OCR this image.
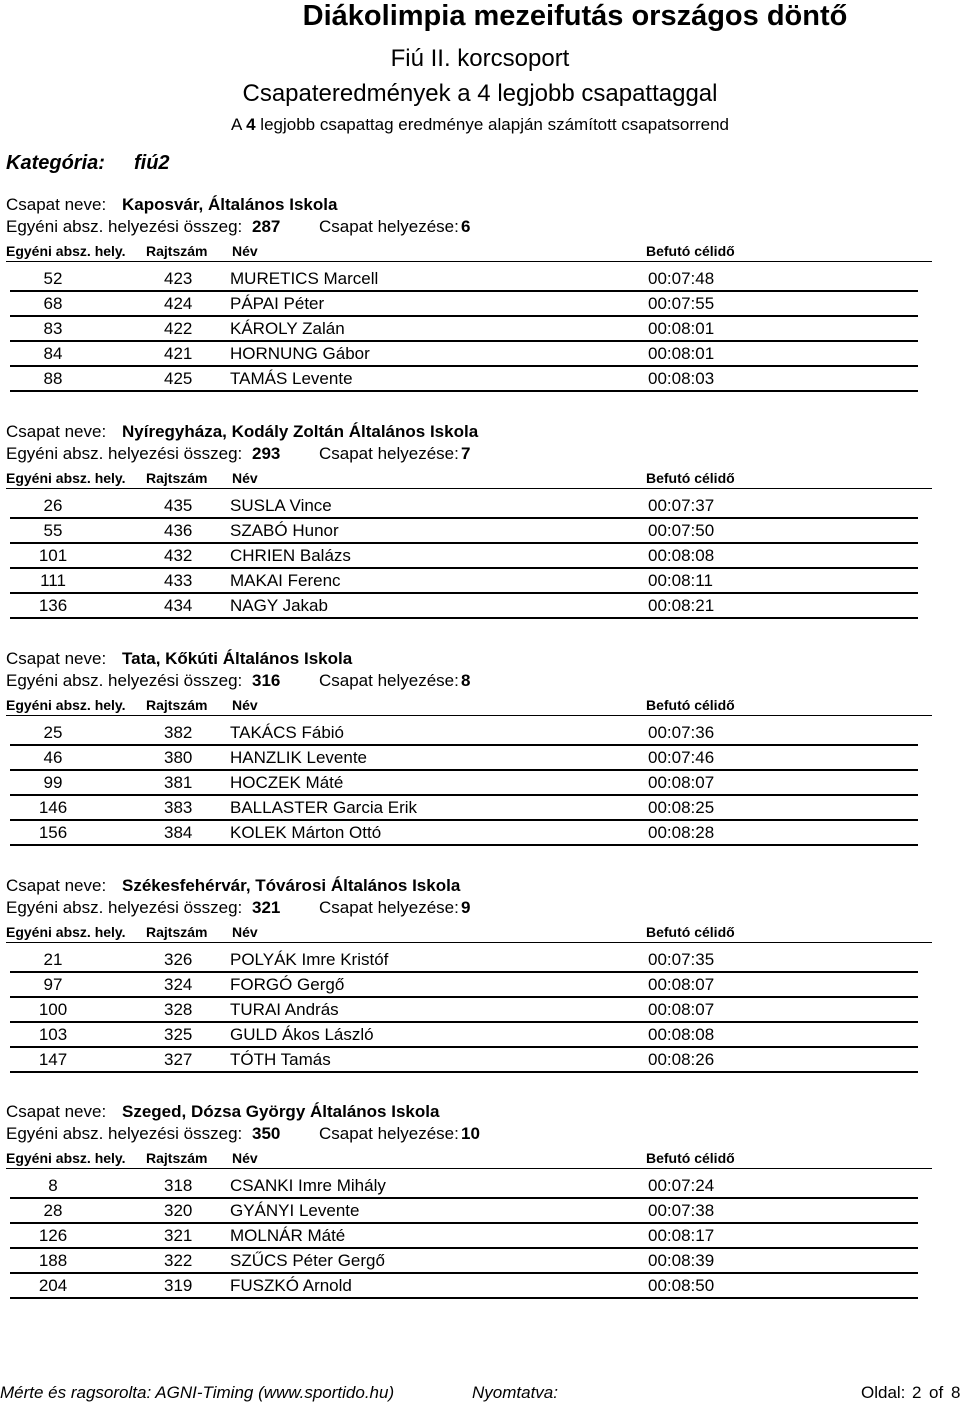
Diákolimpia mezeifutás országos döntő
Fiú II. korcsoport
Csapateredmények a 4 legjobb csapattaggal
A 4 legjobb csapattag eredménye alapján számított csapatsorrend
Kategória: fiú2
Csapat neve: Kaposvár, Általános Iskola
Egyéni absz. helyezési összeg: 287 Csapat helyezése: 6
Egyéni absz. hely. Rajtszám Név	Befutó célidő
52	423 MURETICS Marcell	00:07:48
68	424 PÁPAI Péter	00:07:55
83	422 KÁROLY Zalán	00:08:01
84	421 HORNUNG Gábor	00:08:01
88	425 TAMÁS Levente	00:08:03
Csapat neve: Nyíregyháza, Kodály Zoltán Általános Iskola
Egyéni absz. helyezési összeg: 293 Csapat helyezése: 7
Egyéni absz. hely. Rajtszám Név	Befutó célidő
26	435 SUSLA Vince	00:07:37
55	436 SZABÓ Hunor	00:07:50
101	432 CHRIEN Balázs	00:08:08
111	433 MAKAI Ferenc	00:08:11
136	434 NAGY Jakab	00:08:21
Csapat neve: Tata, Kőkúti Általános Iskola
Egyéni absz. helyezési összeg: 316 Csapat helyezése: 8
Egyéni absz. hely. Rajtszám Név	Befutó célidő
25	382 TAKÁCS Fábió	00:07:36
46	380 HANZLIK Levente	00:07:46
99	381 HOCZEK Máté	00:08:07
146	383 BALLASTER Garcia Erik	00:08:25
156	384 KOLEK Márton Ottó	00:08:28
Csapat neve: Székesfehérvár, Tóvárosi Általános Iskola
Egyéni absz. helyezési összeg: 321 Csapat helyezése: 9
Egyéni absz. hely. Rajtszám Név	Befutó célidő
21	326 POLYÁK Imre Kristóf	00:07:35
97	324 FORGÓ Gergő	00:08:07
100	328 TURAI András	00:08:07
103	325 GULD Ákos László	00:08:08
147	327 TÓTH Tamás	00:08:26
Csapat neve: Szeged, Dózsa György Általános Iskola
Egyéni absz. helyezési összeg: 350 Csapat helyezése: 10
Egyéni absz. hely. Rajtszám Név	Befutó célidő
8	318 CSANKI Imre Mihály	00:07:24
28	320 GYÁNYI Levente	00:07:38
126	321 MOLNÁR Máté	00:08:17
188	322 SZŰCS Péter Gergő	00:08:39
204	319 FUSZKÓ Arnold	00:08:50
Mérte és ragsorolta: AGNI-Timing (www.sportido.hu)	Nyomtatva:	Oldal: 2 of 8
